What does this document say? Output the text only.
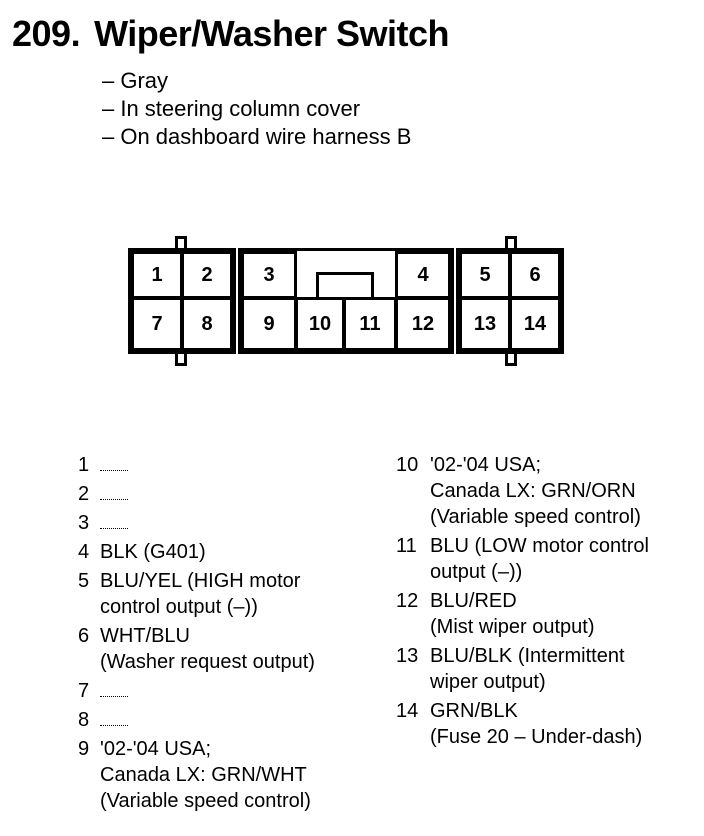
209. Wiper/Washer Switch
– Gray
– In steering column cover
– On dashboard wire harness B
1	2	3	4	5	6
7	8	9	10	11	12	13	14
1
2
3
4 BLK (G401)
5 BLU/YEL (HIGH motor
control output (–))
6 WHT/BLU
(Washer request output)
7
8
9 '02-'04 USA;
Canada LX: GRN/WHT
(Variable speed control)
10 '02-'04 USA;
Canada LX: GRN/ORN
(Variable speed control)
11 BLU (LOW motor control
output (–))
12 BLU/RED
(Mist wiper output)
13 BLU/BLK (Intermittent
wiper output)
14 GRN/BLK
(Fuse 20 – Under-dash)
